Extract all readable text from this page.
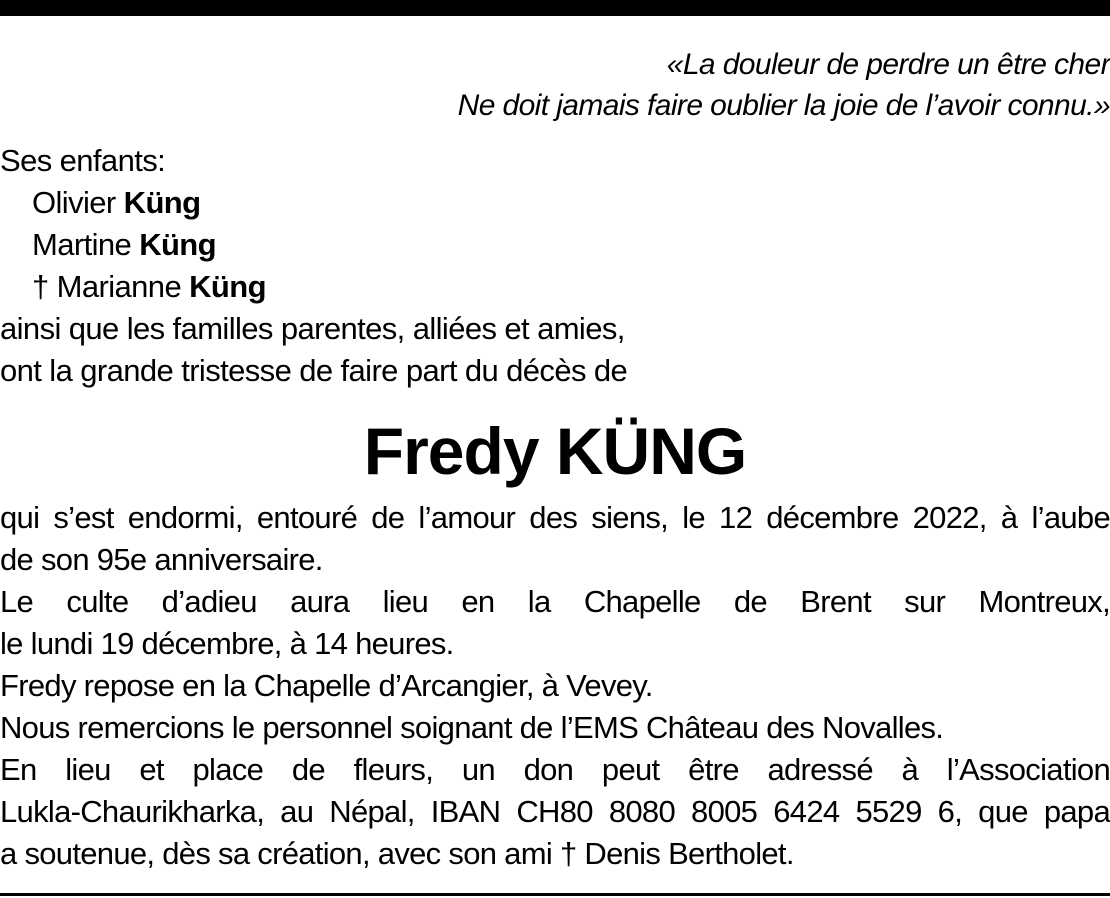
«La douleur de perdre un être cher
Ne doit jamais faire oublier la joie de l’avoir connu.»
Ses enfants:
Olivier Küng
Martine Küng
† Marianne Küng
ainsi que les familles parentes, alliées et amies,
ont la grande tristesse de faire part du décès de
Fredy KÜNG

qui s’est endormi, entouré de l’amour des siens, le 12 décembre 2022, à l’aube

de son 95e anniversaire.

Le culte d’adieu aura lieu en la Chapelle de Brent sur Montreux,

le lundi 19 décembre, à 14 heures.

Fredy repose en la Chapelle d’Arcangier, à Vevey.

Nous remercions le personnel soignant de l’EMS Château des Novalles.

En lieu et place de fleurs, un don peut être adressé à l’Association

Lukla-Chaurikharka, au Népal, IBAN CH80 8080 8005 6424 5529 6, que papa

a soutenue, dès sa création, avec son ami † Denis Bertholet.
